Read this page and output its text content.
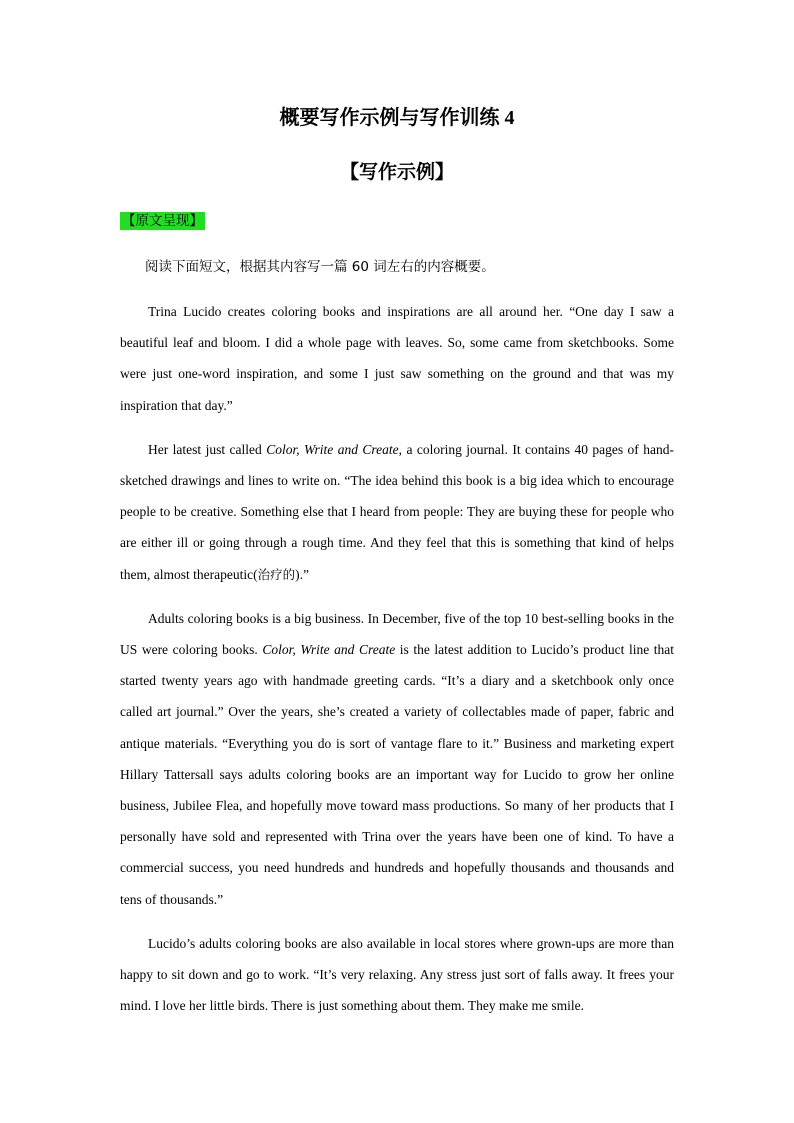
概要写作示例与写作训练 4
【写作示例】
【原文呈现】
阅读下面短文，根据其内容写一篇 60 词左右的内容概要。

Trina Lucido creates coloring books and inspirations are all around her. “One day I saw a beautiful leaf and bloom. I did a whole page with leaves. So, some came from sketchbooks. Some were just one-word inspiration, and some I just saw something on the ground and that was my inspiration that day.”

Her latest just called Color, Write and Create, a coloring journal. It contains 40 pages of hand-sketched drawings and lines to write on. “The idea behind this book is a big idea which to encourage people to be creative. Something else that I heard from people: They are buying these for people who are either ill or going through a rough time. And they feel that this is something that kind of helps them, almost therapeutic(治疗的).”

Adults coloring books is a big business. In December, five of the top 10 best-selling books in the US were coloring books. Color, Write and Create is the latest addition to Lucido’s product line that started twenty years ago with handmade greeting cards. “It’s a diary and a sketchbook only once called art journal.” Over the years, she’s created a variety of collectables made of paper, fabric and antique materials. “Everything you do is sort of vantage flare to it.” Business and marketing expert Hillary Tattersall says adults coloring books are an important way for Lucido to grow her online business, Jubilee Flea, and hopefully move toward mass productions. So many of her products that I personally have sold and represented with Trina over the years have been one of kind. To have a commercial success, you need hundreds and hundreds and hopefully thousands and thousands and tens of thousands.”

Lucido’s adults coloring books are also available in local stores where grown-ups are more than happy to sit down and go to work. “It’s very relaxing. Any stress just sort of falls away. It frees your mind. I love her little birds. There is just something about them. They make me smile.
